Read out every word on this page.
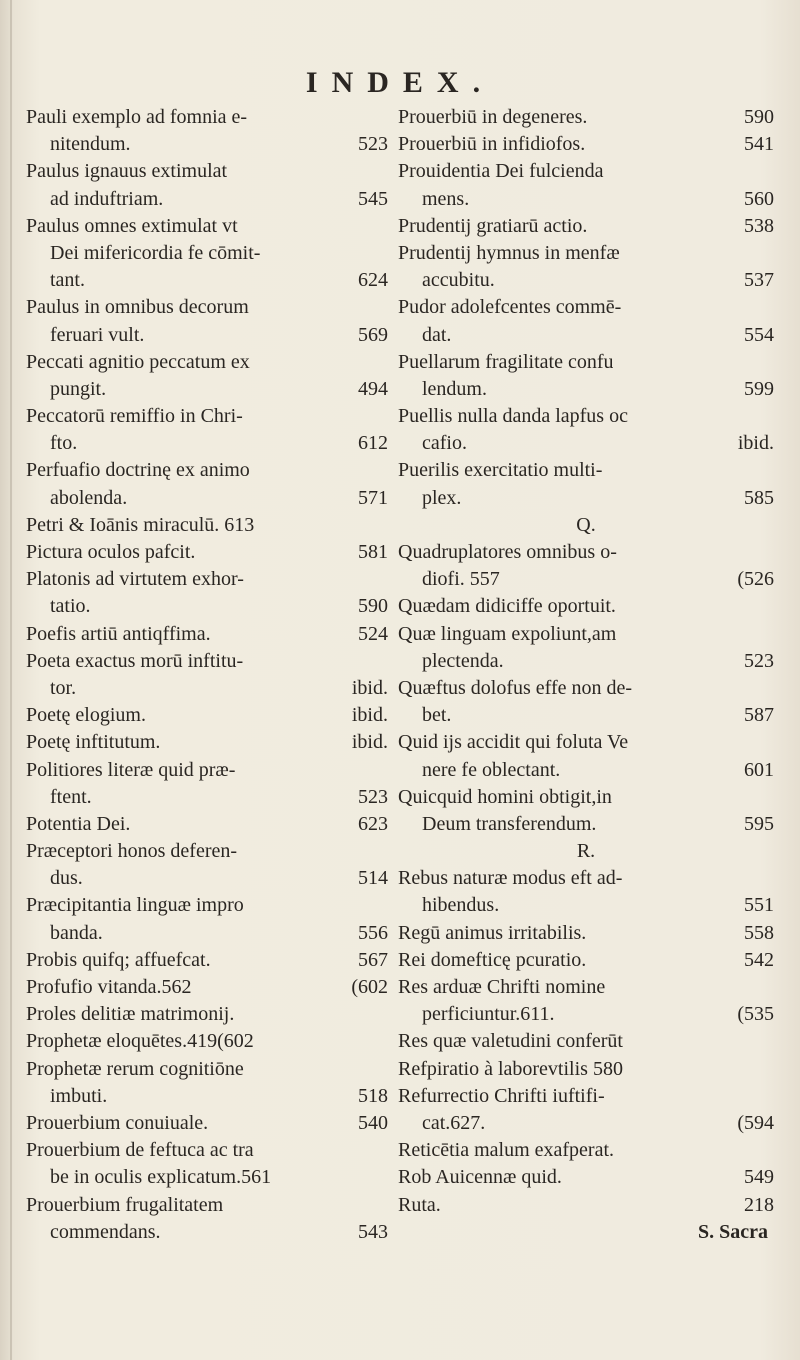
INDEX.
Pauli exemplo ad fomnia e-
nitendum.	523
Paulus ignauus extimulat
ad induftriam.	545
Paulus omnes extimulat vt
Dei mifericordia fe cōmit-
tant.	624
Paulus in omnibus decorum
feruari vult.	569
Peccati agnitio peccatum ex
pungit.	494
Peccatorū remiffio in Chri-
fto.	612
Perfuafio doctrinę ex animo
abolenda.	571
Petri & Ioānis miraculū. 613
Pictura oculos pafcit.	581
Platonis ad virtutem exhor-
tatio.	590
Poefis artiū antiqffima.	524
Poeta exactus morū inftitu-
tor.	ibid.
Poetę elogium.	ibid.
Poetę inftitutum.	ibid.
Politiores literæ quid præ-
ftent.	523
Potentia Dei.	623
Præceptori honos deferen-
dus.	514
Præcipitantia linguæ impro
banda.	556
Probis quifq; affuefcat.	567
Profufio vitanda.562	(602
Proles delitiæ matrimonij.
Prophetæ eloquētes.419(602
Prophetæ rerum cognitiōne
imbuti.	518
Prouerbium conuiuale.	540
Prouerbium de feftuca ac tra
be in oculis explicatum.561
Prouerbium frugalitatem
commendans.	543
Prouerbiū in degeneres.	590
Prouerbiū in infidiofos.	541
Prouidentia Dei fulcienda
mens.	560
Prudentij gratiarū actio.	538
Prudentij hymnus in menfæ
accubitu.	537
Pudor adolefcentes commē-
dat.	554
Puellarum fragilitate confu
lendum.	599
Puellis nulla danda lapfus oc
cafio.	ibid.
Puerilis exercitatio multi-
plex.	585
Q.
Quadruplatores omnibus o-
diofi. 557	(526
Quædam didiciffe oportuit.
Quæ linguam expoliunt,am
plectenda.	523
Quæftus dolofus effe non de-
bet.	587
Quid ijs accidit qui foluta Ve
nere fe oblectant.	601
Quicquid homini obtigit,in
Deum transferendum.	595
R.
Rebus naturæ modus eft ad-
hibendus.	551
Regū animus irritabilis.	558
Rei domefticę pcuratio.	542
Res arduæ Chrifti nomine
perficiuntur.611.	(535
Res quæ valetudini conferūt
Refpiratio à laborevtilis 580
Refurrectio Chrifti iuftifi-
cat.627.	(594
Reticētia malum exafperat.
Rob Auicennæ quid.	549
Ruta.	218
S. Sacra
